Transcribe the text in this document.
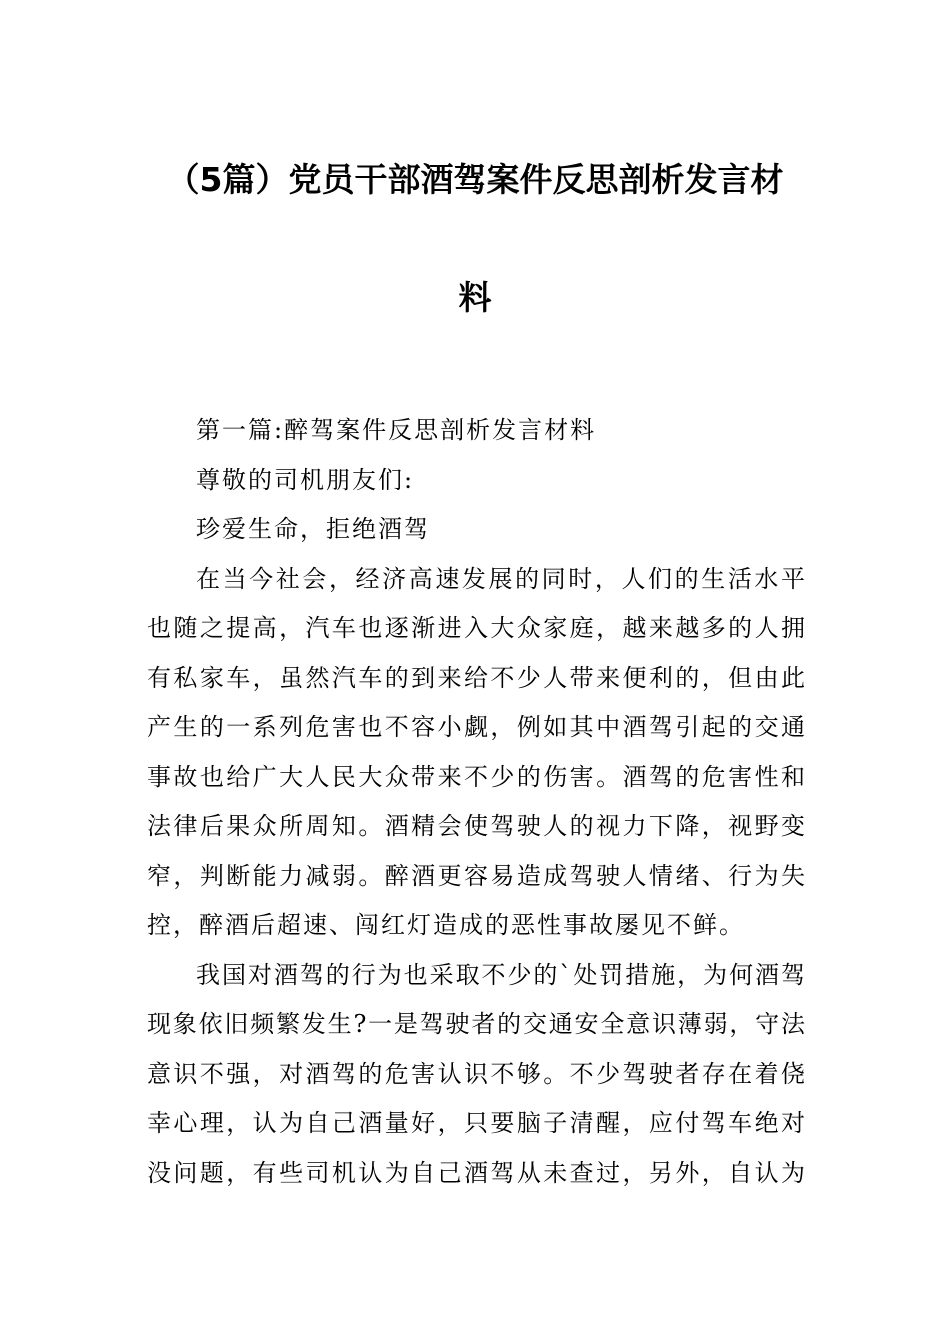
（5篇）党员干部酒驾案件反思剖析发言材
料
第一篇:醉驾案件反思剖析发言材料
尊敬的司机朋友们:
珍爱生命，拒绝酒驾
在当今社会，经济高速发展的同时，人们的生活水平
也随之提高，汽车也逐渐进入大众家庭，越来越多的人拥
有私家车，虽然汽车的到来给不少人带来便利的，但由此
产生的一系列危害也不容小觑，例如其中酒驾引起的交通
事故也给广大人民大众带来不少的伤害。酒驾的危害性和
法律后果众所周知。酒精会使驾驶人的视力下降，视野变
窄，判断能力减弱。醉酒更容易造成驾驶人情绪、行为失
控，醉酒后超速、闯红灯造成的恶性事故屡见不鲜。
我国对酒驾的行为也采取不少的`处罚措施，为何酒驾
现象依旧频繁发生?一是驾驶者的交通安全意识薄弱，守法
意识不强，对酒驾的危害认识不够。不少驾驶者存在着侥
幸心理，认为自己酒量好，只要脑子清醒，应付驾车绝对
没问题，有些司机认为自己酒驾从未查过，另外，自认为
